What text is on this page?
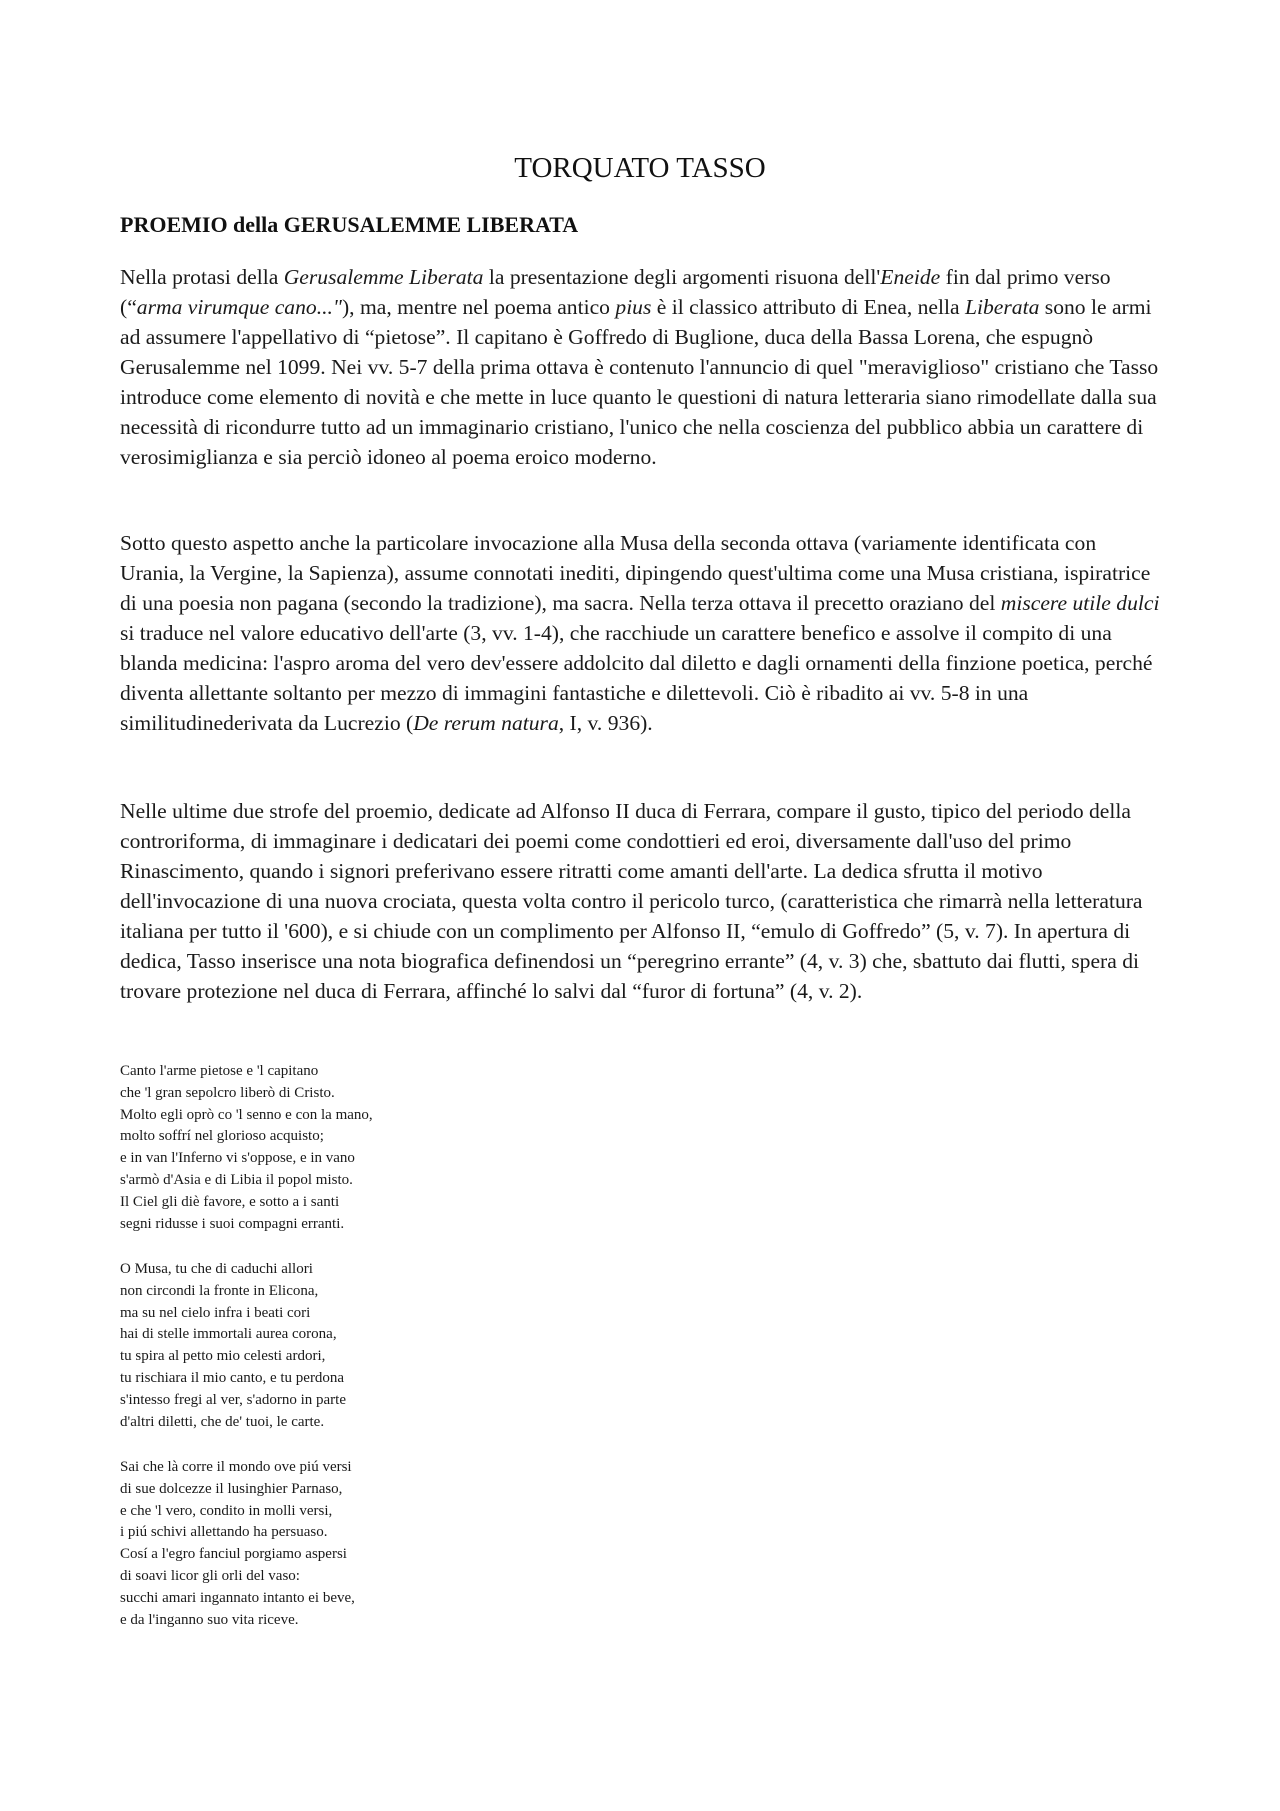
TORQUATO TASSO
PROEMIO della GERUSALEMME LIBERATA

Nella protasi della Gerusalemme Liberata la presentazione degli argomenti risuona dell'Eneide fin dal primo verso (“arma virumque cano..."), ma, mentre nel poema antico pius è il classico attributo di Enea, nella Liberata sono le armi ad assumere l'appellativo di “pietose”. Il capitano è Goffredo di Buglione, duca della Bassa Lorena, che espugnò Gerusalemme nel 1099. Nei vv. 5-7 della prima ottava è contenuto l'annuncio di quel "meraviglioso" cristiano che Tasso introduce come elemento di novità e che mette in luce quanto le questioni di natura letteraria siano rimodellate dalla sua necessità di ricondurre tutto ad un immaginario cristiano, l'unico che nella coscienza del pubblico abbia un carattere di verosimiglianza e sia perciò idoneo al poema eroico moderno.

Sotto questo aspetto anche la particolare invocazione alla Musa della seconda ottava (variamente identificata con Urania, la Vergine, la Sapienza), assume connotati inediti, dipingendo quest'ultima come una Musa cristiana, ispiratrice di una poesia non pagana (secondo la tradizione), ma sacra. Nella terza ottava il precetto oraziano del miscere utile dulci si traduce nel valore educativo dell'arte (3, vv. 1-4), che racchiude un carattere benefico e assolve il compito di una blanda medicina: l'aspro aroma del vero dev'essere addolcito dal diletto e dagli ornamenti della finzione poetica, perché diventa allettante soltanto per mezzo di immagini fantastiche e dilettevoli. Ciò è ribadito ai vv. 5-8 in una similitudinederivata da Lucrezio (De rerum natura, I, v. 936).

Nelle ultime due strofe del proemio, dedicate ad Alfonso II duca di Ferrara, compare il gusto, tipico del periodo della controriforma, di immaginare i dedicatari dei poemi come condottieri ed eroi, diversamente dall'uso del primo Rinascimento, quando i signori preferivano essere ritratti come amanti dell'arte. La dedica sfrutta il motivo dell'invocazione di una nuova crociata, questa volta contro il pericolo turco, (caratteristica che rimarrà nella letteratura italiana per tutto il '600), e si chiude con un complimento per Alfonso II, “emulo di Goffredo” (5, v. 7). In apertura di dedica, Tasso inserisce una nota biografica definendosi un “peregrino errante” (4, v. 3) che, sbattuto dai flutti, spera di trovare protezione nel duca di Ferrara, affinché lo salvi dal “furor di fortuna” (4, v. 2).

Canto l'arme pietose e 'l capitano
che 'l gran sepolcro liberò di Cristo.
Molto egli oprò co 'l senno e con la mano,
molto soffrí nel glorioso acquisto;
e in van l'Inferno vi s'oppose, e in vano
s'armò d'Asia e di Libia il popol misto.
Il Ciel gli diè favore, e sotto a i santi
segni ridusse i suoi compagni erranti.
O Musa, tu che di caduchi allori
non circondi la fronte in Elicona,
ma su nel cielo infra i beati cori
hai di stelle immortali aurea corona,
tu spira al petto mio celesti ardori,
tu rischiara il mio canto, e tu perdona
s'intesso fregi al ver, s'adorno in parte
d'altri diletti, che de' tuoi, le carte.
Sai che là corre il mondo ove piú versi
di sue dolcezze il lusinghier Parnaso,
e che 'l vero, condito in molli versi,
i piú schivi allettando ha persuaso.
Cosí a l'egro fanciul porgiamo aspersi
di soavi licor gli orli del vaso:
succhi amari ingannato intanto ei beve,
e da l'inganno suo vita riceve.
